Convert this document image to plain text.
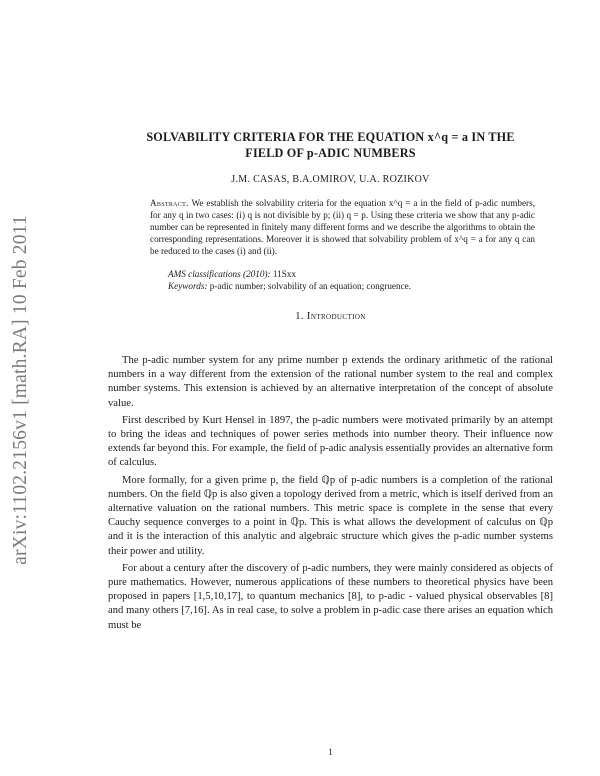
arXiv:1102.2156v1 [math.RA] 10 Feb 2011
SOLVABILITY CRITERIA FOR THE EQUATION x^q = a IN THE
FIELD OF p-ADIC NUMBERS
J.M. CASAS, B.A.OMIROV, U.A. ROZIKOV
Abstract. We establish the solvability criteria for the equation x^q = a in the field of p-adic numbers, for any q in two cases: (i) q is not divisible by p; (ii) q = p. Using these criteria we show that any p-adic number can be represented in finitely many different forms and we describe the algorithms to obtain the corresponding representations. Moreover it is showed that solvability problem of x^q = a for any q can be reduced to the cases (i) and (ii).
AMS classifications (2010): 11Sxx
Keywords: p-adic number; solvability of an equation; congruence.
1. Introduction

The p-adic number system for any prime number p extends the ordinary arithmetic of the rational numbers in a way different from the extension of the rational number system to the real and complex number systems. This extension is achieved by an alternative interpretation of the concept of absolute value.

First described by Kurt Hensel in 1897, the p-adic numbers were motivated primarily by an attempt to bring the ideas and techniques of power series methods into number theory. Their influence now extends far beyond this. For example, the field of p-adic analysis essentially provides an alternative form of calculus.

More formally, for a given prime p, the field ℚp of p-adic numbers is a completion of the rational numbers. On the field ℚp is also given a topology derived from a metric, which is itself derived from an alternative valuation on the rational numbers. This metric space is complete in the sense that every Cauchy sequence converges to a point in ℚp. This is what allows the development of calculus on ℚp and it is the interaction of this analytic and algebraic structure which gives the p-adic number systems their power and utility.

For about a century after the discovery of p-adic numbers, they were mainly considered as objects of pure mathematics. However, numerous applications of these numbers to theoretical physics have been proposed in papers [1,5,10,17], to quantum mechanics [8], to p-adic - valued physical observables [8] and many others [7,16]. As in real case, to solve a problem in p-adic case there arises an equation which must be

1
